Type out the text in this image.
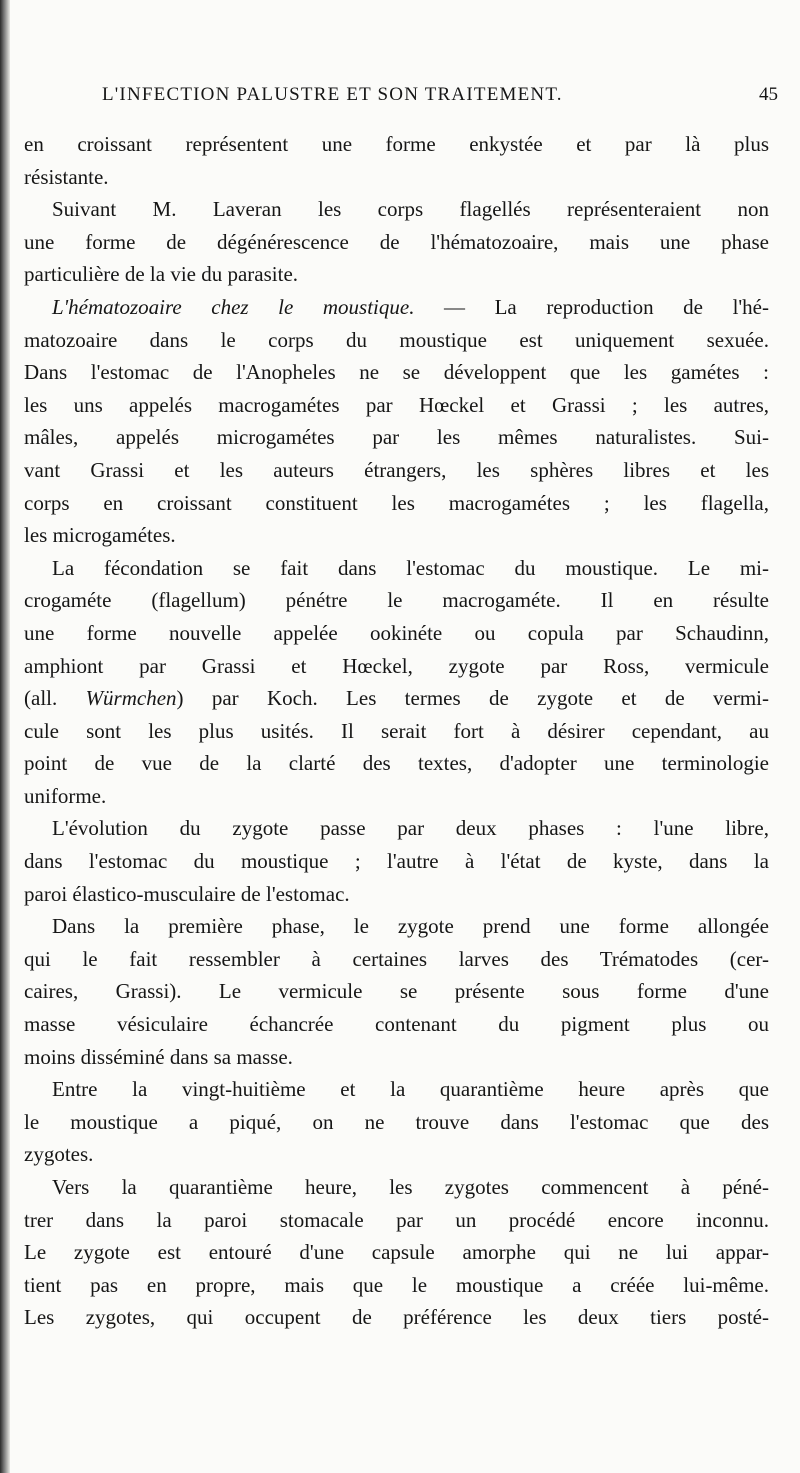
L'INFECTION PALUSTRE ET SON TRAITEMENT.	45
en croissant représentent une forme enkystée et par là plus
résistante.
Suivant M. Laveran les corps flagellés représenteraient non
une forme de dégénérescence de l'hématozoaire, mais une phase
particulière de la vie du parasite.
L'hématozoaire chez le moustique. — La reproduction de l'hé-
matozoaire dans le corps du moustique est uniquement sexuée.
Dans l'estomac de l'Anopheles ne se développent que les gamétes :
les uns appelés macrogamétes par Hœckel et Grassi ; les autres,
mâles, appelés microgamétes par les mêmes naturalistes. Sui-
vant Grassi et les auteurs étrangers, les sphères libres et les
corps en croissant constituent les macrogamétes ; les flagella,
les microgamétes.
La fécondation se fait dans l'estomac du moustique. Le mi-
crogaméte (flagellum) pénétre le macrogaméte. Il en résulte
une forme nouvelle appelée ookinéte ou copula par Schaudinn,
amphiont par Grassi et Hœckel, zygote par Ross, vermicule
(all. Würmchen) par Koch. Les termes de zygote et de vermi-
cule sont les plus usités. Il serait fort à désirer cependant, au
point de vue de la clarté des textes, d'adopter une terminologie
uniforme.
L'évolution du zygote passe par deux phases : l'une libre,
dans l'estomac du moustique ; l'autre à l'état de kyste, dans la
paroi élastico-musculaire de l'estomac.
Dans la première phase, le zygote prend une forme allongée
qui le fait ressembler à certaines larves des Trématodes (cer-
caires, Grassi). Le vermicule se présente sous forme d'une
masse vésiculaire échancrée contenant du pigment plus ou
moins disséminé dans sa masse.
Entre la vingt-huitième et la quarantième heure après que
le moustique a piqué, on ne trouve dans l'estomac que des
zygotes.
Vers la quarantième heure, les zygotes commencent à péné-
trer dans la paroi stomacale par un procédé encore inconnu.
Le zygote est entouré d'une capsule amorphe qui ne lui appar-
tient pas en propre, mais que le moustique a créée lui-même.
Les zygotes, qui occupent de préférence les deux tiers posté-
